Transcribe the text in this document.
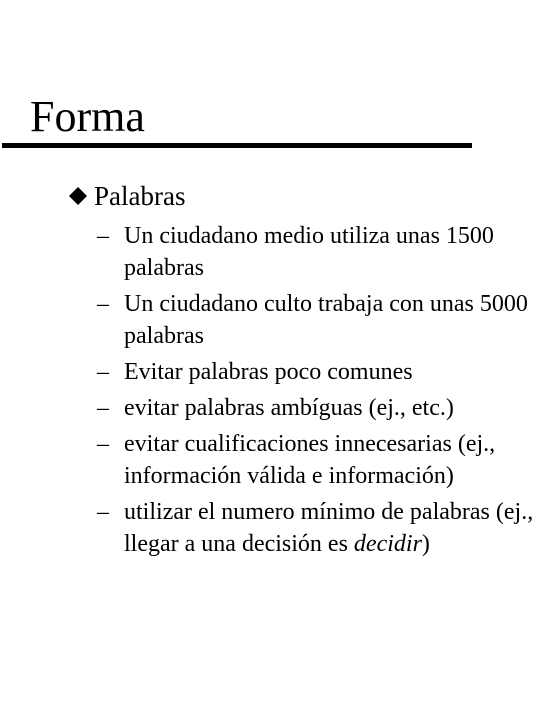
Forma
Palabras
– Un ciudadano medio utiliza unas 1500 palabras
– Un ciudadano culto trabaja con unas 5000 palabras
– Evitar palabras poco comunes
– evitar palabras ambíguas (ej., etc.)
– evitar cualificaciones innecesarias (ej., información válida e información)
– utilizar el numero mínimo de palabras (ej., llegar a una decisión es decidir)
